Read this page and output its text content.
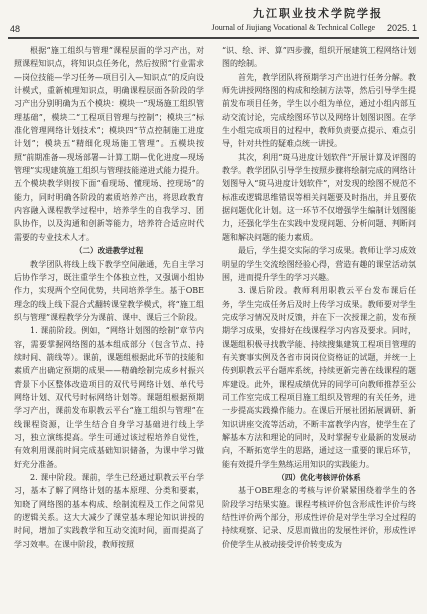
48
九江职业技术学院学报
Journal of Jiujiang Vocational & Technical College 2025. 1

根据“施工组织与管理”课程层面的学习产出，对照课程知识点，将知识点任务化，然后按照“行业需求—岗位技能—学习任务—项目引入—知识点”的反向设计模式，重新梳理知识点，明确课程层面各阶段的学习产出分别明确为五个模块：模块一“现场施工组织管理基础”，模块二“工程项目管理与控制”；模块三“标准化管理网络计划技术”；模块四“节点控制施工进度计划”；模块五“精细化现场施工管理”。五模块按照“前期准备—现场部署—计算工期—优化进度—现场管理”实现建筑施工组织与管理技能递进式能力提升。五个模块教学则按下面“看现场、懂现场、控现场”的能力，同时明确各阶段的素质培养产出，将思政教育内容融入课程教学过程中，培养学生的自我学习、团队协作，以及沟通和创新等能力，培养符合适应时代需要的专业技术人才。

（二）改进教学过程

教学团队将线上线下教学空间融通，先自主学习后协作学习，既注重学生个体独立性，又强调小组协作力，实现两个空间优势，共同培养学生。基于OBE理念的线上线下混合式翻转课堂教学模式，将“施工组织与管理”课程教学分为课前、课中、课后三个阶段。

1. 课前阶段。例如，“网络计划图的绘制”章节内容，需要掌握网络图的基本组成部分（包含节点、持续时间、箭线等）。课前，课题组根据此环节的技能和素质产出确定预期的成果——精确绘制完成乡村振兴背景下小区整体改造项目的双代号网络计划、单代号网络计划、双代号时标网络计划等。课题组根据预期学习产出，课前发布职教云平台“施工组织与管理”在线课程资源，让学生结合自身学习基础进行线上学习，独立演练提高。学生可通过该过程培养自觉性，有效利用课前时间完成基础知识储备，为课中学习做好充分准备。

2. 课中阶段。课前，学生已经通过职教云平台学习，基本了解了网络计划的基本原理、分类和要素，知晓了网络图的基本构成、绘制流程及工作之间常见的逻辑关系。这大大减少了课堂基本理论知识讲授的时间，增加了实践教学和互动交流时间，面而提高了学习效率。在课中阶段，教师按照

“识、绘、评、算”四步骤，组织开展建筑工程网络计划图的绘制。

首先，教学团队将预期学习产出进行任务分解。教师先讲授网络图的构成和绘制方法等，然后引导学生提前发布项目任务，学生以小组为单位，通过小组内部互动交流讨论，完成绘图环节以及网络计划图识图。在学生小组完成项目的过程中，教师负责要点提示、难点引导，针对共性的疑难点统一讲授。

其次，利用“斑马进度计划软件”开展计算及评图的教学。教学团队引导学生按照步骤将绘制完成的网络计划图导入“斑马进度计划软件”，对发现的绘图不规范不标准或逻辑思维错误等相关问题要及时指出，并且要依据问题优化计划。这一环节不仅增强学生编制计划图能力，还强化学生在实践中发现问题、分析问题、判断问题和解决问题的能力素质。

最后，学生提交实际的学习成果。教师让学习成效明显的学生交流绘图经验心得，营造有趣的课堂活动氛围，进而提升学生的学习兴趣。

3. 课后阶段。教师利用职教云平台发布课后任务，学生完成任务后及时上传学习成果。教师要对学生完成学习情况及时反馈，并在下一次授课之前，发布预期学习成果，安排好在线课程学习内容及要求。同时，课题组积极寻找教学能、持续搜集建筑工程项目管理的有关赛事实例及各省市岗岗位资格证的试题，并统一上传到职教云平台题库系统，持续更新完善在线课程的题库建设。此外，课程成绩优异的同学可向教师推荐至公司工作室完成工程项目施工组织及管理的有关任务，进一步提高实践操作能力。在课后开展社团拓展调研、新知识讲座交流等活动，不断丰富教学内容，使学生在了解基本方法和理论的同时，及时掌握专业最新的发展动向，不断拓宽学生的思路，通过这一重要的课后环节，能有效提升学生熟练运用知识的实践能力。

（四）优化考核评价体系

基于OBE理念的考核与评价紧紧围绕着学生的各阶段学习结果实施。课程考核评价包含形成性评价与终结性评价两个部分，形成性评价是对学生学习全过程的持续观察、记录、反思而做出的发展性评价，形成性评价使学生从被动接受评价转变成为
